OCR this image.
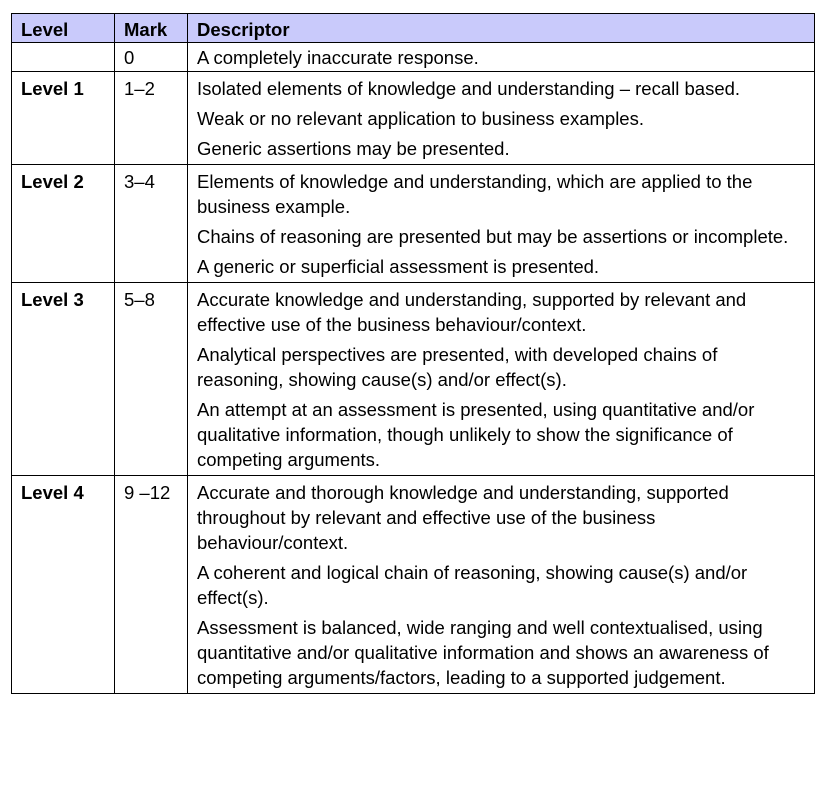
Level	Mark	Descriptor
	0	A completely inaccurate response.

Level 1	1–2	Isolated elements of knowledge and understanding – recall based.
Weak or no relevant application to business examples.
Generic assertions may be presented.

Level 2	3–4	Elements of knowledge and understanding, which are applied to the business example.
Chains of reasoning are presented but may be assertions or incomplete.
A generic or superficial assessment is presented.

Level 3	5–8	Accurate knowledge and understanding, supported by relevant and effective use of the business behaviour/context.
Analytical perspectives are presented, with developed chains of reasoning, showing cause(s) and/or effect(s).
An attempt at an assessment is presented, using quantitative and/or qualitative information, though unlikely to show the significance of competing arguments.

Level 4	9 –12	Accurate and thorough knowledge and understanding, supported throughout by relevant and effective use of the business behaviour/context.
A coherent and logical chain of reasoning, showing cause(s) and/or effect(s).
Assessment is balanced, wide ranging and well contextualised, using quantitative and/or qualitative information and shows an awareness of competing arguments/factors, leading to a supported judgement.
